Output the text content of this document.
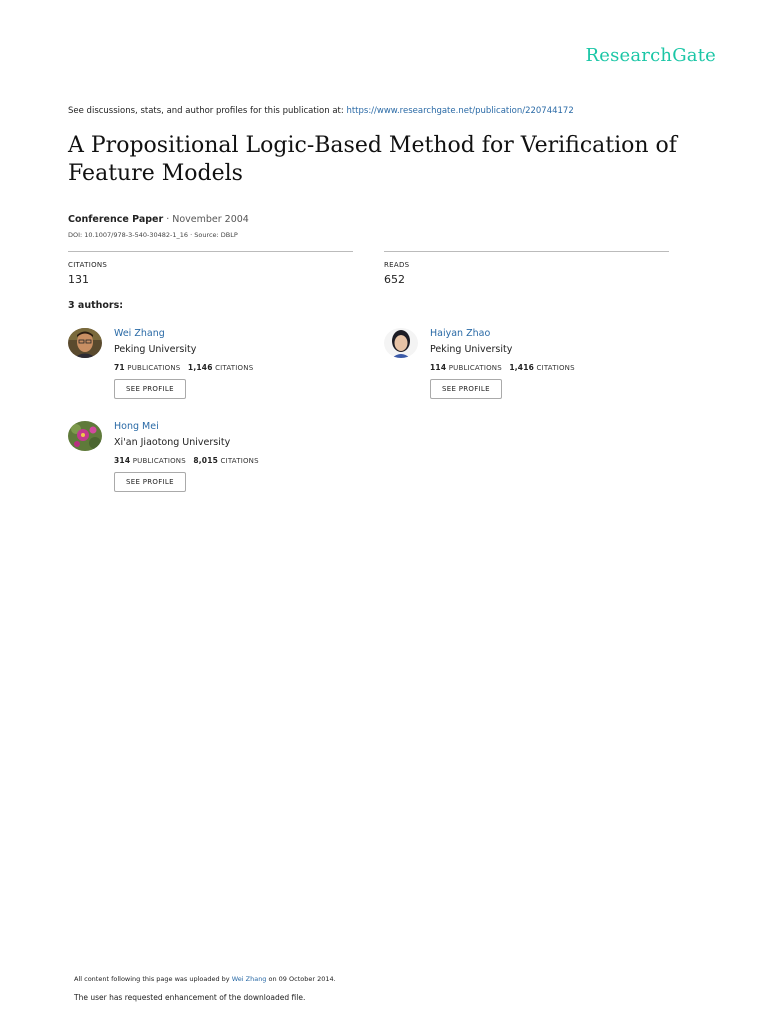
ResearchGate
See discussions, stats, and author profiles for this publication at: https://www.researchgate.net/publication/220744172
A Propositional Logic-Based Method for Verification of Feature Models
Conference Paper · November 2004
DOI: 10.1007/978-3-540-30482-1_16 · Source: DBLP
CITATIONS
131
READS
652
3 authors:
Wei Zhang
Peking University
71 PUBLICATIONS 1,146 CITATIONS
SEE PROFILE
Haiyan Zhao
Peking University
114 PUBLICATIONS 1,416 CITATIONS
SEE PROFILE
Hong Mei
Xi'an Jiaotong University
314 PUBLICATIONS 8,015 CITATIONS
SEE PROFILE
All content following this page was uploaded by Wei Zhang on 09 October 2014.
The user has requested enhancement of the downloaded file.
